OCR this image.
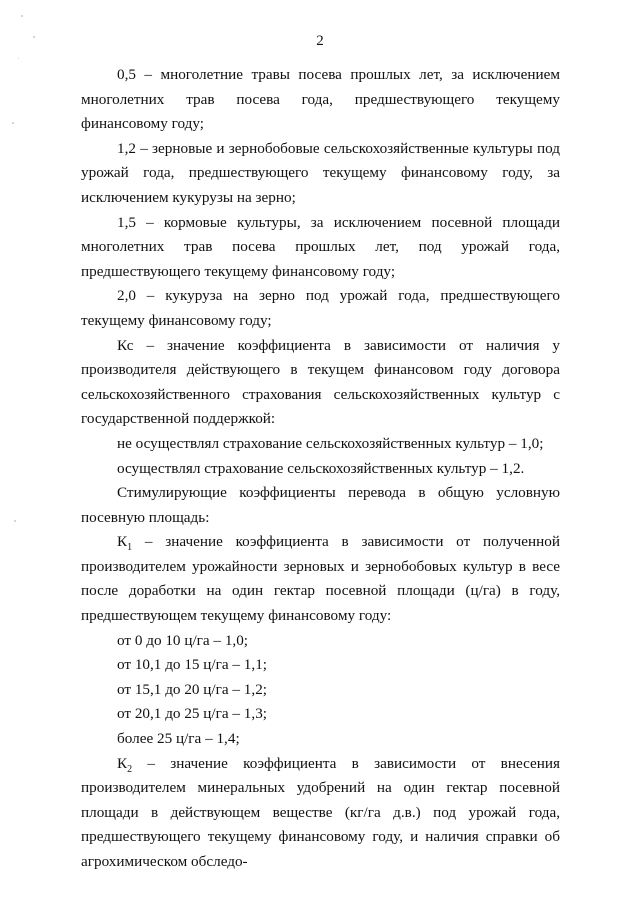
2

0,5 – многолетние травы посева прошлых лет, за исключением многолетних трав посева года, предшествующего текущему финансовому году;

1,2 – зерновые и зернобобовые сельскохозяйственные культуры под урожай года, предшествующего текущему финансовому году, за исключением кукурузы на зерно;

1,5 – кормовые культуры, за исключением посевной площади многолетних трав посева прошлых лет, под урожай года, предшествующего текущему финансовому году;

2,0 – кукуруза на зерно под урожай года, предшествующего текущему финансовому году;

Кс – значение коэффициента в зависимости от наличия у производителя действующего в текущем финансовом году договора сельскохозяйственного страхования сельскохозяйственных культур с государственной поддержкой:

не осуществлял страхование сельскохозяйственных культур – 1,0;

осуществлял страхование сельскохозяйственных культур – 1,2.

Стимулирующие коэффициенты перевода в общую условную посевную площадь:

$К_1$ – значение коэффициента в зависимости от полученной производителем урожайности зерновых и зернобобовых культур в весе после доработки на один гектар посевной площади (ц/га) в году, предшествующем текущему финансовому году:

от 0 до 10 ц/га – 1,0;

от 10,1 до 15 ц/га – 1,1;

от 15,1 до 20 ц/га – 1,2;

от 20,1 до 25 ц/га – 1,3;

более 25 ц/га – 1,4;

$К_2$ – значение коэффициента в зависимости от внесения производителем минеральных удобрений на один гектар посевной площади в действующем веществе (кг/га д.в.) под урожай года, предшествующего текущему финансовому году, и наличия справки об агрохимическом обследо-
